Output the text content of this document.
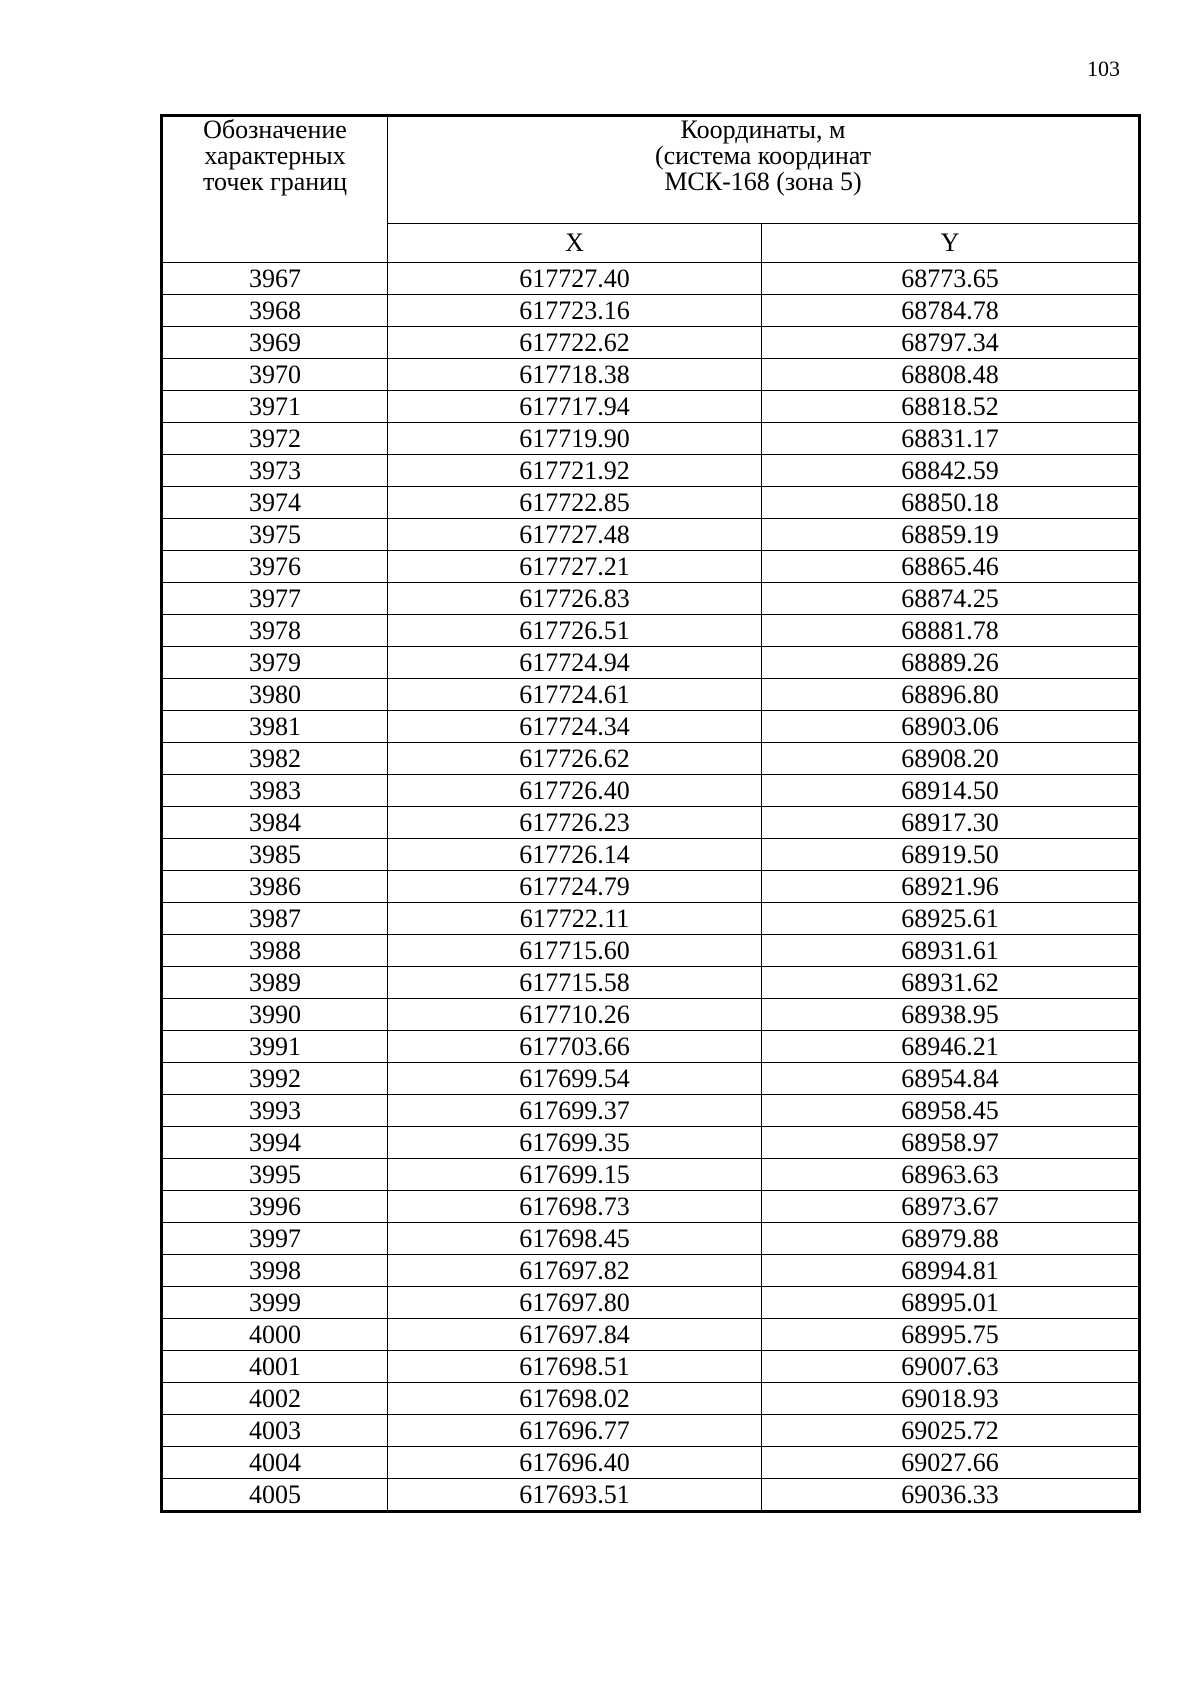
103
Обозначение
характерных
точек границ	Координаты, м
(система координат
МСК-168 (зона 5)	

	X	Y
3967	617727.40	68773.65
3968	617723.16	68784.78
3969	617722.62	68797.34
3970	617718.38	68808.48
3971	617717.94	68818.52
3972	617719.90	68831.17
3973	617721.92	68842.59
3974	617722.85	68850.18
3975	617727.48	68859.19
3976	617727.21	68865.46
3977	617726.83	68874.25
3978	617726.51	68881.78
3979	617724.94	68889.26
3980	617724.61	68896.80
3981	617724.34	68903.06
3982	617726.62	68908.20
3983	617726.40	68914.50
3984	617726.23	68917.30
3985	617726.14	68919.50
3986	617724.79	68921.96
3987	617722.11	68925.61
3988	617715.60	68931.61
3989	617715.58	68931.62
3990	617710.26	68938.95
3991	617703.66	68946.21
3992	617699.54	68954.84
3993	617699.37	68958.45
3994	617699.35	68958.97
3995	617699.15	68963.63
3996	617698.73	68973.67
3997	617698.45	68979.88
3998	617697.82	68994.81
3999	617697.80	68995.01
4000	617697.84	68995.75
4001	617698.51	69007.63
4002	617698.02	69018.93
4003	617696.77	69025.72
4004	617696.40	69027.66
4005	617693.51	69036.33
